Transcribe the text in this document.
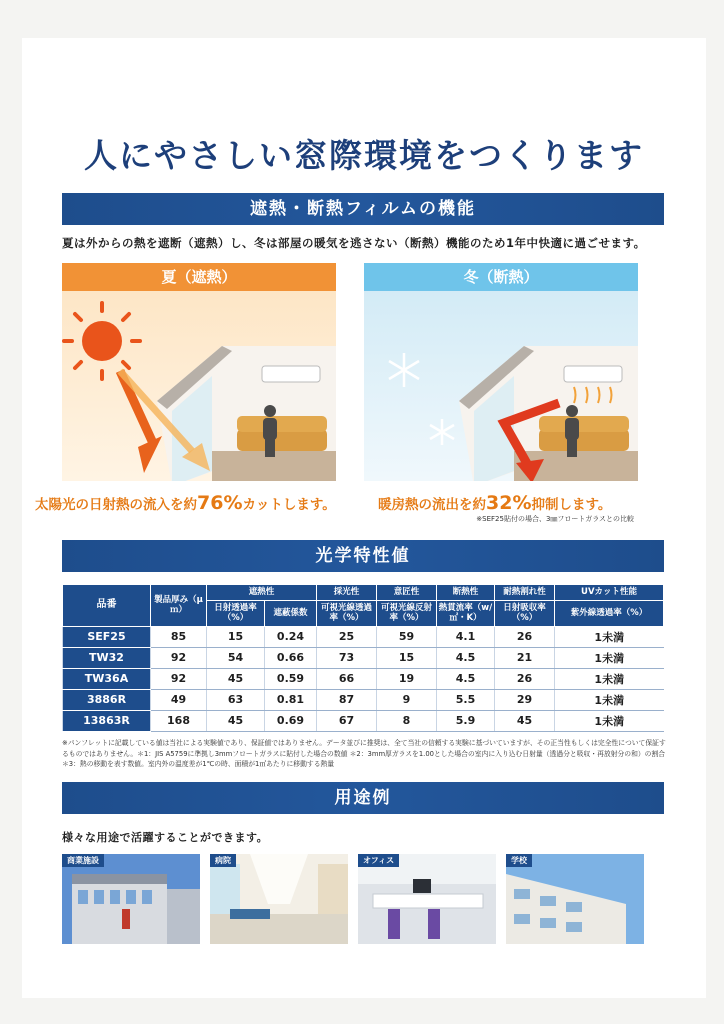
人にやさしい窓際環境をつくります
遮熱・断熱フィルムの機能
夏は外からの熱を遮断（遮熱）し、冬は部屋の暖気を逃さない（断熱）機能のため1年中快適に過ごせます。
夏（遮熱）	冬（断熱）
太陽光の日射熱の流入を約76%カットします。	暖房熱の流出を約32%抑制します。
※SEF25貼付の場合、3㎜フロートガラスとの比較
光学特性値
品番	製品厚み（μｍ）	遮熱性		採光性	意匠性	断熱性	耐熱割れ性	UVカット性能
		日射透過率（%）	遮蔽係数	可視光線透過率（%）	可視光線反射率（%）	熱貫流率（w/㎡・K）	日射吸収率（%）	紫外線透過率（%）
SEF25	85	15	0.24	25	59	4.1	26	1未満
TW32	92	54	0.66	73	15	4.5	21	1未満
TW36A	92	45	0.59	66	19	4.5	26	1未満
3886R	49	63	0.81	87	9	5.5	29	1未満
13863R	168	45	0.69	67	8	5.9	45	1未満
※パンフレットに記載している値は当社による実験値であり、保証値ではありません。データ並びに推奨は、全て当社の信頼する実験に基づいていますが、その正当性もしくは完全性について保証するものではありません。＊1：JIS A5759に準拠し3mmフロートガラスに貼付した場合の数値 ＊2：3mm厚ガラスを1.00とした場合の室内に入り込む日射量（透過分と吸収・再放射分の和）の割合 ＊3：熱の移動を表す数値。室内外の温度差が1℃の時、面積が1㎡あたりに移動する熱量
用途例
様々な用途で活躍することができます。
商業施設	病院	オフィス	学校
